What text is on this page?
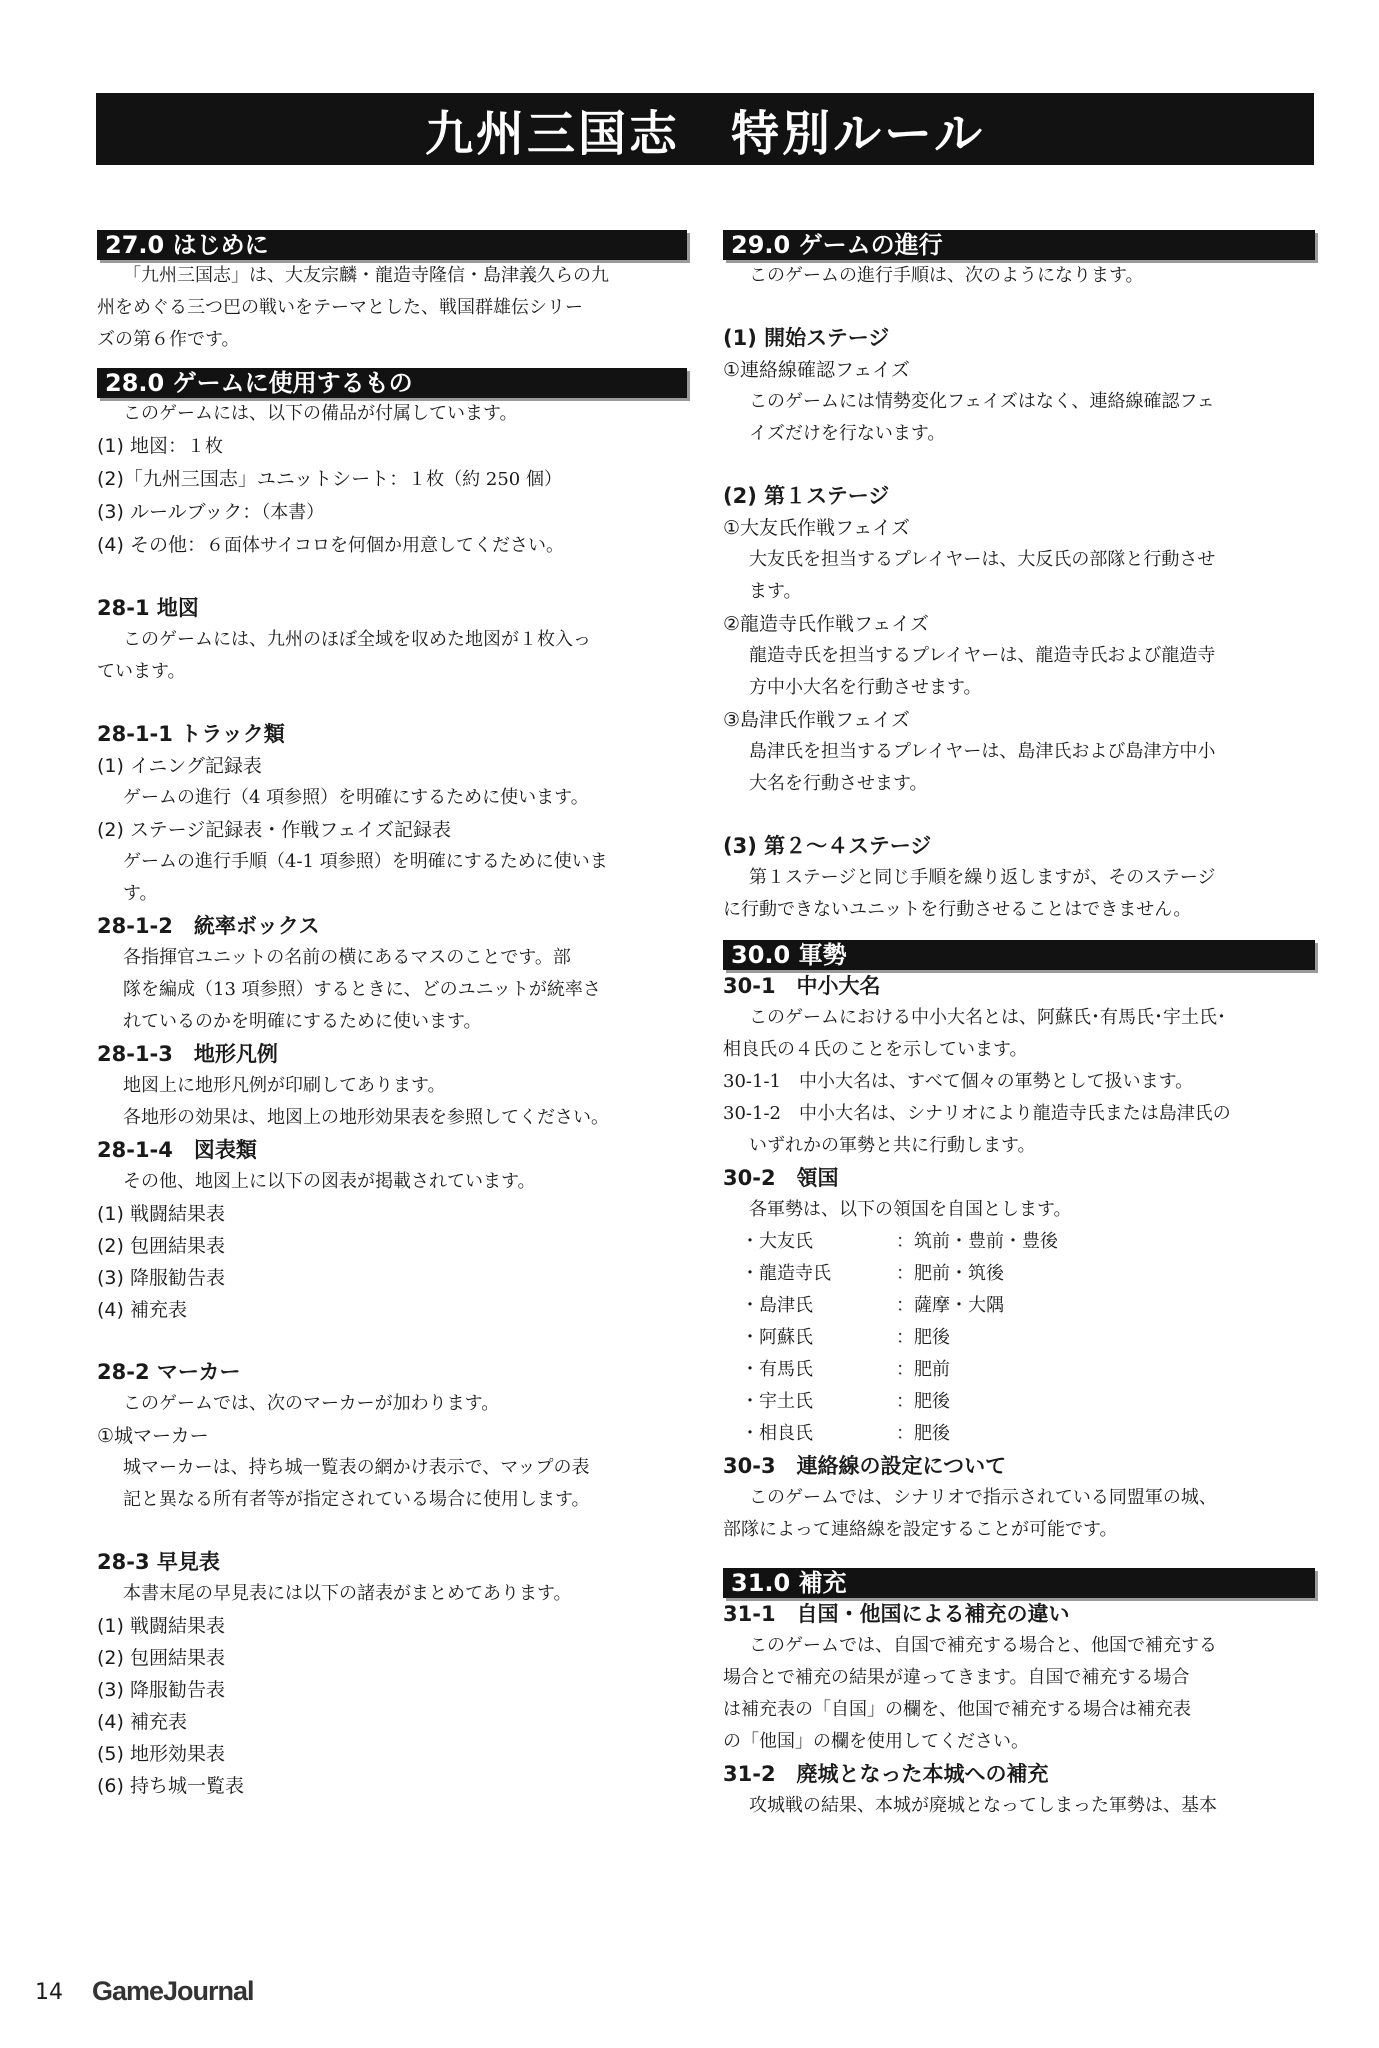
九州三国志　特別ルール
27.0 はじめに

「九州三国志」は、大友宗麟・龍造寺隆信・島津義久らの九

州をめぐる三つ巴の戦いをテーマとした、戦国群雄伝シリー

ズの第６作です。

28.0 ゲームに使用するもの

このゲームには、以下の備品が付属しています。

(1) 地図：１枚

(2)「九州三国志」ユニットシート：１枚（約 250 個）

(3) ルールブック：（本書）

(4) その他：６面体サイコロを何個か用意してください。

28-1 地図

このゲームには、九州のほぼ全域を収めた地図が１枚入っ

ています。

28-1-1 トラック類

(1) イニング記録表

ゲームの進行（4 項参照）を明確にするために使います。

(2) ステージ記録表・作戦フェイズ記録表

ゲームの進行手順（4-1 項参照）を明確にするために使いま

す。

28-1-2　統率ボックス

各指揮官ユニットの名前の横にあるマスのことです。部

隊を編成（13 項参照）するときに、どのユニットが統率さ

れているのかを明確にするために使います。

28-1-3　地形凡例

地図上に地形凡例が印刷してあります。

各地形の効果は、地図上の地形効果表を参照してください。

28-1-4　図表類

その他、地図上に以下の図表が掲載されています。

(1) 戦闘結果表

(2) 包囲結果表

(3) 降服勧告表

(4) 補充表

28-2 マーカー

このゲームでは、次のマーカーが加わります。

①城マーカー

城マーカーは、持ち城一覧表の網かけ表示で、マップの表

記と異なる所有者等が指定されている場合に使用します。

28-3 早見表

本書末尾の早見表には以下の諸表がまとめてあります。

(1) 戦闘結果表

(2) 包囲結果表

(3) 降服勧告表

(4) 補充表

(5) 地形効果表

(6) 持ち城一覧表

29.0 ゲームの進行

このゲームの進行手順は、次のようになります。

(1) 開始ステージ

①連絡線確認フェイズ

このゲームには情勢変化フェイズはなく、連絡線確認フェ

イズだけを行ないます。

(2) 第１ステージ

①大友氏作戦フェイズ

大友氏を担当するプレイヤーは、大反氏の部隊と行動させ

ます。

②龍造寺氏作戦フェイズ

龍造寺氏を担当するプレイヤーは、龍造寺氏および龍造寺

方中小大名を行動させます。

③島津氏作戦フェイズ

島津氏を担当するプレイヤーは、島津氏および島津方中小

大名を行動させます。

(3) 第２～４ステージ

第１ステージと同じ手順を繰り返しますが、そのステージ

に行動できないユニットを行動させることはできません。

30.0 軍勢
30-1　中小大名

このゲームにおける中小大名とは、阿蘇氏･有馬氏･宇土氏･

相良氏の４氏のことを示しています。

30-1-1　中小大名は、すべて個々の軍勢として扱います。

30-1-2　中小大名は、シナリオにより龍造寺氏または島津氏の

いずれかの軍勢と共に行動します。

30-2　領国

各軍勢は、以下の領国を自国とします。

・大友氏	：筑前・豊前・豊後
・龍造寺氏	：肥前・筑後
・島津氏	：薩摩・大隅
・阿蘇氏	：肥後
・有馬氏	：肥前
・宇土氏	：肥後
・相良氏	：肥後
30-3　連絡線の設定について

このゲームでは、シナリオで指示されている同盟軍の城、

部隊によって連絡線を設定することが可能です。

31.0 補充
31-1　自国・他国による補充の違い

このゲームでは、自国で補充する場合と、他国で補充する

場合とで補充の結果が違ってきます。自国で補充する場合

は補充表の「自国」の欄を、他国で補充する場合は補充表

の「他国」の欄を使用してください。

31-2　廃城となった本城への補充

攻城戦の結果、本城が廃城となってしまった軍勢は、基本

14 GameJournal
